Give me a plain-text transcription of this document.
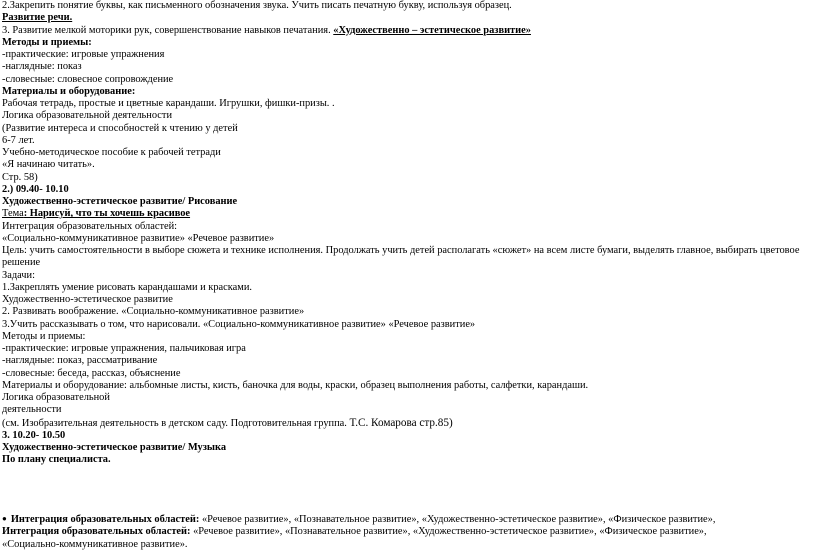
2.Закрепить понятие буквы, как письменного обозначения звука. Учить писать печатную букву, используя образец.
Развитие речи.
3. Развитие мелкой моторики рук, совершенствование навыков печатания. «Художественно – эстетическое развитие»
Методы и приемы:
-практические: игровые упражнения
-наглядные: показ
-словесные: словесное сопровождение
Материалы и оборудование:
Рабочая тетрадь, простые и цветные карандаши. Игрушки, фишки-призы. .
Логика образовательной деятельности
(Развитие интереса и способностей к чтению у детей
6-7 лет.
Учебно-методическое пособие к рабочей тетради
«Я начинаю читать».
Стр. 58)
2.) 09.40- 10.10
Художественно-эстетическое развитие/ Рисование
Тема: Нарисуй, что ты хочешь красивое
Интеграция образовательных областей:
«Социально-коммуникативное развитие» «Речевое развитие»
Цель: учить самостоятельности в выборе сюжета и технике исполнения. Продолжать учить детей располагать «сюжет» на всем листе бумаги, выделять главное, выбирать цветовое решение
Задачи:
1.Закреплять умение рисовать карандашами и красками.
Художественно-эстетическое развитие
2. Развивать воображение. «Социально-коммуникативное развитие»
3.Учить рассказывать о том, что нарисовали. «Социально-коммуникативное развитие» «Речевое развитие»
Методы и приемы:
-практические: игровые упражнения, пальчиковая игра
-наглядные: показ, рассматривание
-словесные: беседа, рассказ, объяснение
Материалы и оборудование: альбомные листы, кисть, баночка для воды, краски, образец выполнения работы, салфетки, карандаши.
Логика образовательной
деятельности
(см. Изобразительная деятельность в детском саду. Подготовительная группа. Т.С. Комарова стр.85)
3. 10.20- 10.50
Художественно-эстетическое развитие/ Музыка
По плану специалиста.
● Интеграция образовательных областей: «Речевое развитие», «Познавательное развитие», «Художественно-эстетическое развитие», «Физическое развитие»,
Интеграция образовательных областей: «Речевое развитие», «Познавательное развитие», «Художественно-эстетическое развитие», «Физическое развитие»,
«Социально-коммуникативное развитие».
